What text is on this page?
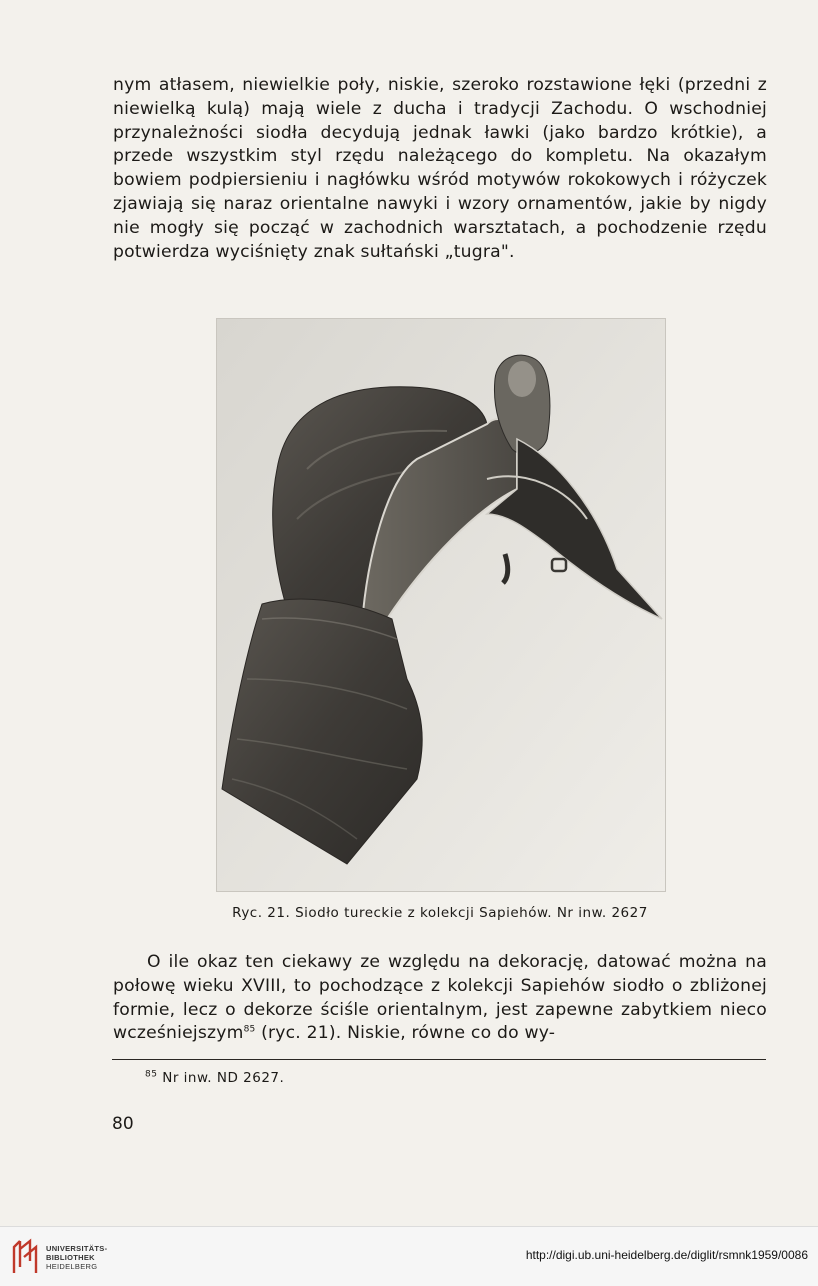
nym atłasem, niewielkie poły, niskie, szeroko rozstawione łęki (przedni z niewielką kulą) mają wiele z ducha i tradycji Zachodu. O wschodniej przynależności siodła decydują jednak ławki (jako bardzo krótkie), a przede wszystkim styl rzędu należącego do kompletu. Na okazałym bowiem podpiersieniu i nagłówku wśród motywów rokokowych i różyczek zjawiają się naraz orientalne nawyki i wzory ornamentów, jakie by nigdy nie mogły się począć w zachodnich warsztatach, a pochodzenie rzędu potwierdza wyciśnięty znak sułtański „tugra".

Ryc. 21. Siodło tureckie z kolekcji Sapiehów. Nr inw. 2627

O ile okaz ten ciekawy ze względu na dekorację, datować można na połowę wieku XVIII, to pochodzące z kolekcji Sapiehów siodło o zbliżonej formie, lecz o dekorze ściśle orientalnym, jest zapewne zabytkiem nieco wcześniejszym$^{85}$ (ryc. 21). Niskie, równe co do wy-

$^{85}$ Nr inw. ND 2627.
80
UNIVERSITÄTS-
BIBLIOTHEK
HEIDELBERG
http://digi.ub.uni-heidelberg.de/diglit/rsmnk1959/0086
